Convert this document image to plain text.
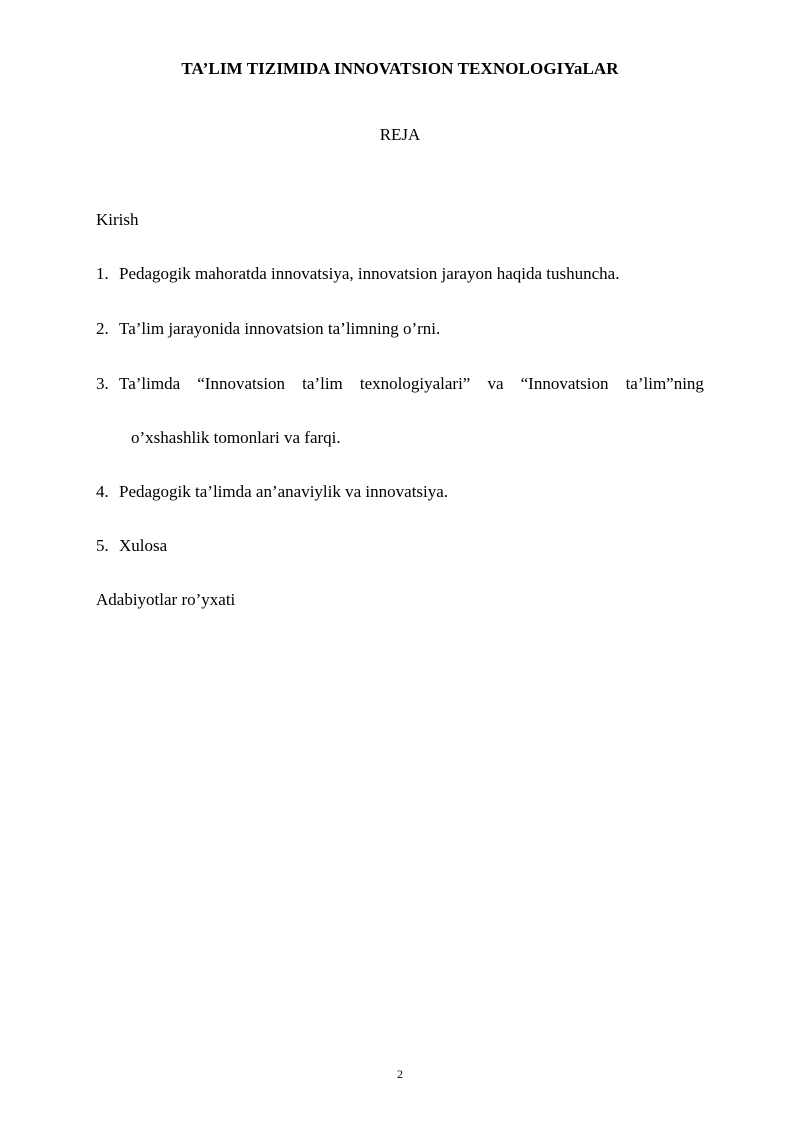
TA’LIM TIZIMIDA INNOVATSION TEXNOLOGIYaLAR
REJA
Kirish
1. Pedagogik mahoratda innovatsiya, innovatsion jarayon haqida tushuncha.
2. Ta’lim jarayonida innovatsion ta’limning o’rni.
3. Ta’limda “Innovatsion ta’lim texnologiyalari” va “Innovatsion ta’lim”ning
o’xshashlik tomonlari va farqi.
4. Pedagogik ta’limda an’anaviylik va innovatsiya.
5. Xulosa
Adabiyotlar ro’yxati
2
